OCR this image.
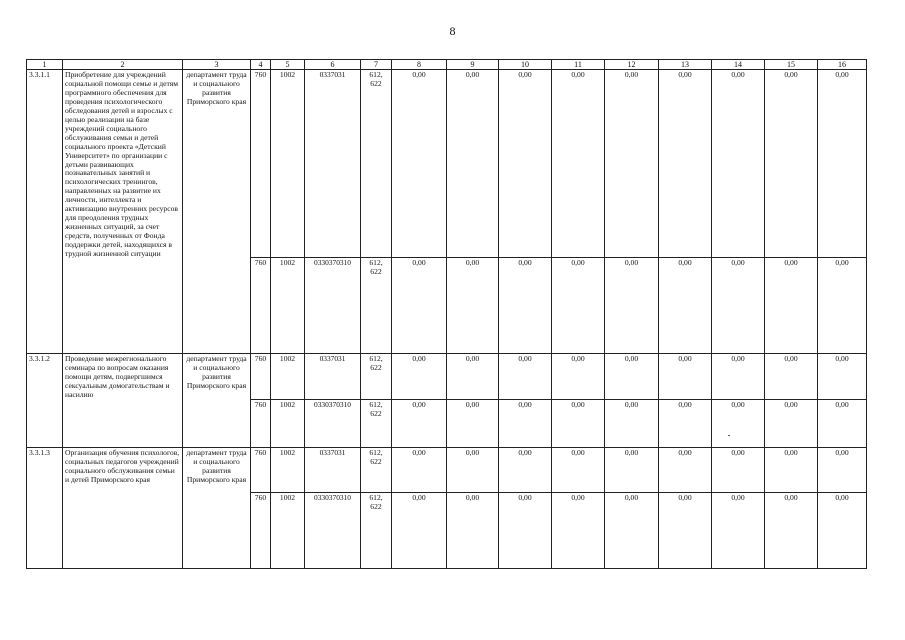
8
1	2	3	4	5	6	7	8	9	10	11	12	13	14	15	16
3.3.1.1	Приобретение для учреждений социальной помощи семье и детям программного обеспечения для проведения психологического обследования детей и взрослых с целью реализации на базе учреждений социального обслуживания семьи и детей социального проекта «Детский Университет» по организации с детьми развивающих познавательных занятий и психологических тренингов, направленных на развитие их личности, интеллекта и активизацию внутренних ресурсов для преодоления трудных жизненных ситуаций, за счет средств, полученных от Фонда поддержки детей, находящихся в трудной жизненной ситуации	департамент труда и социального развития Приморского края	760	1002	0337031	612, 622	0,00	0,00	0,00	0,00	0,00	0,00	0,00	0,00	0,00
			760	1002	0330370310	612, 622	0,00	0,00	0,00	0,00	0,00	0,00	0,00	0,00	0,00
3.3.1.2	Проведение межрегионального семинара по вопросам оказания помощи детям, подвергшимся сексуальным домогательствам и насилию	департамент труда и социального развития Приморского края	760	1002	0337031	612, 622	0,00	0,00	0,00	0,00	0,00	0,00	0,00	0,00	0,00
			760	1002	0330370310	612, 622	0,00	0,00	0,00	0,00	0,00	0,00	0,00	0,00	0,00
3.3.1.3	Организация обучения психологов, социальных педагогов учреждений социального обслуживания семьи и детей Приморского края	департамент труда и социального развития Приморского края	760	1002	0337031	612, 622	0,00	0,00	0,00	0,00	0,00	0,00	0,00	0,00	0,00
			760	1002	0330370310	612, 622	0,00	0,00	0,00	0,00	0,00	0,00	0,00	0,00	0,00
